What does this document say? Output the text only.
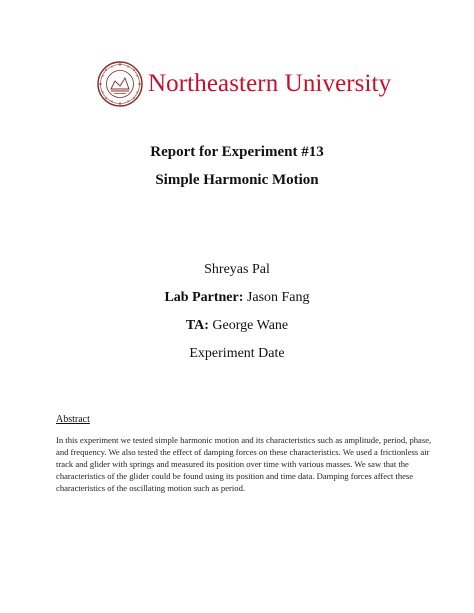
Northeastern University
Report for Experiment #13
Simple Harmonic Motion
Shreyas Pal
Lab Partner: Jason Fang
TA: George Wane
Experiment Date
Abstract
In this experiment we tested simple harmonic motion and its characteristics such as amplitude, period, phase, and frequency. We also tested the effect of damping forces on these characteristics. We used a frictionless air track and glider with springs and measured its position over time with various masses. We saw that the characteristics of the glider could be found using its position and time data. Damping forces affect these characteristics of the oscillating motion such as period.
